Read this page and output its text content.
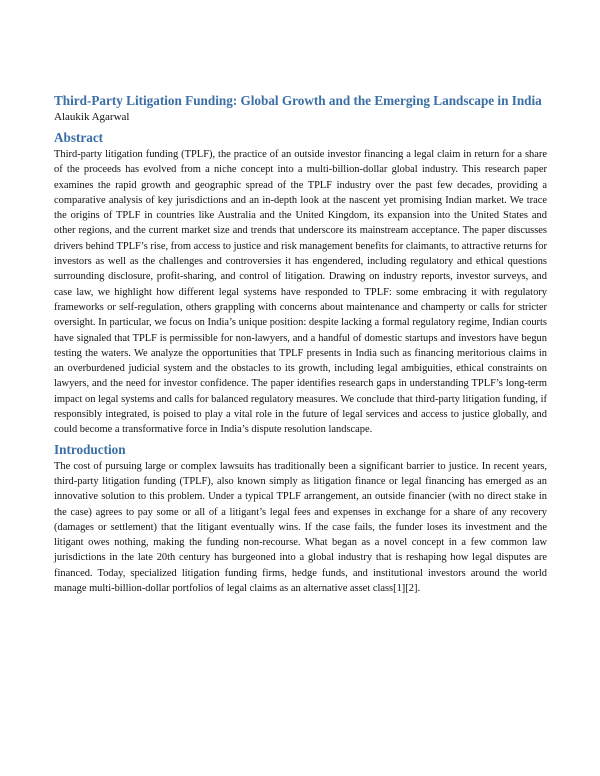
Third-Party Litigation Funding: Global Growth and the Emerging Landscape in India
Alaukik Agarwal
Abstract

Third-party litigation funding (TPLF), the practice of an outside investor financing a legal claim in return for a share of the proceeds has evolved from a niche concept into a multi-billion-dollar global industry. This research paper examines the rapid growth and geographic spread of the TPLF industry over the past few decades, providing a comparative analysis of key jurisdictions and an in-depth look at the nascent yet promising Indian market. We trace the origins of TPLF in countries like Australia and the United Kingdom, its expansion into the United States and other regions, and the current market size and trends that underscore its mainstream acceptance. The paper discusses drivers behind TPLF’s rise, from access to justice and risk management benefits for claimants, to attractive returns for investors as well as the challenges and controversies it has engendered, including regulatory and ethical questions surrounding disclosure, profit-sharing, and control of litigation. Drawing on industry reports, investor surveys, and case law, we highlight how different legal systems have responded to TPLF: some embracing it with regulatory frameworks or self-regulation, others grappling with concerns about maintenance and champerty or calls for stricter oversight. In particular, we focus on India’s unique position: despite lacking a formal regulatory regime, Indian courts have signaled that TPLF is permissible for non-lawyers, and a handful of domestic startups and investors have begun testing the waters. We analyze the opportunities that TPLF presents in India such as financing meritorious claims in an overburdened judicial system and the obstacles to its growth, including legal ambiguities, ethical constraints on lawyers, and the need for investor confidence. The paper identifies research gaps in understanding TPLF’s long-term impact on legal systems and calls for balanced regulatory measures. We conclude that third-party litigation funding, if responsibly integrated, is poised to play a vital role in the future of legal services and access to justice globally, and could become a transformative force in India’s dispute resolution landscape.

Introduction

The cost of pursuing large or complex lawsuits has traditionally been a significant barrier to justice. In recent years, third-party litigation funding (TPLF), also known simply as litigation finance or legal financing has emerged as an innovative solution to this problem. Under a typical TPLF arrangement, an outside financier (with no direct stake in the case) agrees to pay some or all of a litigant’s legal fees and expenses in exchange for a share of any recovery (damages or settlement) that the litigant eventually wins. If the case fails, the funder loses its investment and the litigant owes nothing, making the funding non-recourse. What began as a novel concept in a few common law jurisdictions in the late 20th century has burgeoned into a global industry that is reshaping how legal disputes are financed. Today, specialized litigation funding firms, hedge funds, and institutional investors around the world manage multi-billion-dollar portfolios of legal claims as an alternative asset class[1][2].
